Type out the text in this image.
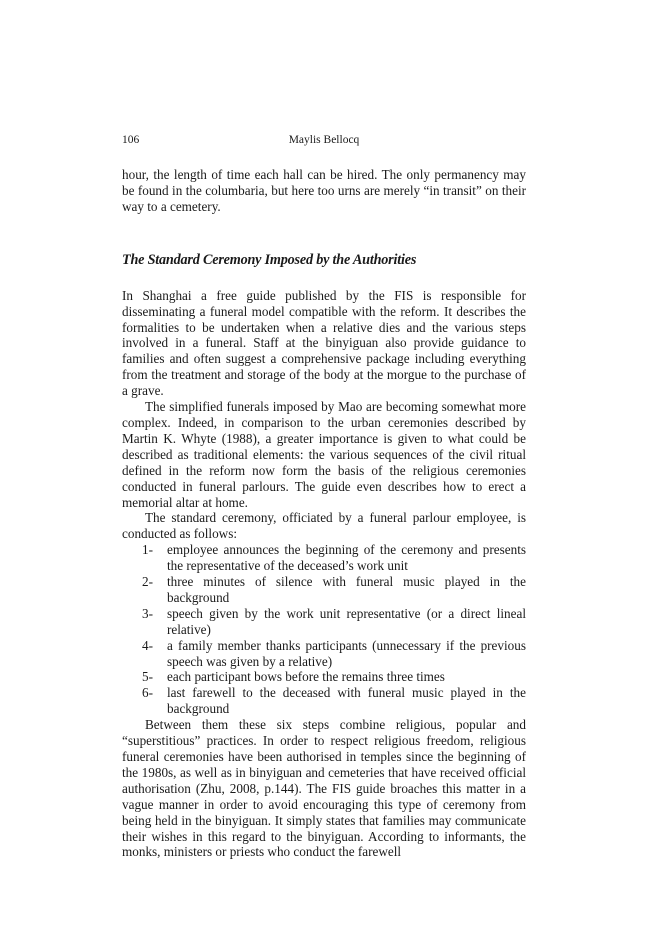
106	Maylis Bellocq

hour, the length of time each hall can be hired. The only permanency may be found in the columbaria, but here too urns are merely “in transit” on their way to a cemetery.

The Standard Ceremony Imposed by the Authorities

In Shanghai a free guide published by the FIS is responsible for disseminating a funeral model compatible with the reform. It describes the formalities to be undertaken when a relative dies and the various steps involved in a funeral. Staff at the binyiguan also provide guidance to families and often suggest a comprehensive package including everything from the treatment and storage of the body at the morgue to the purchase of a grave.

The simplified funerals imposed by Mao are becoming somewhat more complex. Indeed, in comparison to the urban ceremonies described by Martin K. Whyte (1988), a greater importance is given to what could be described as traditional elements: the various sequences of the civil ritual defined in the reform now form the basis of the religious ceremonies conducted in funeral parlours. The guide even describes how to erect a memorial altar at home.

The standard ceremony, officiated by a funeral parlour employee, is conducted as follows:

1- employee announces the beginning of the ceremony and presents the representative of the deceased’s work unit
2- three minutes of silence with funeral music played in the background
3- speech given by the work unit representative (or a direct lineal relative)
4- a family member thanks participants (unnecessary if the previous speech was given by a relative)
5- each participant bows before the remains three times
6- last farewell to the deceased with funeral music played in the background

Between them these six steps combine religious, popular and “superstitious” practices. In order to respect religious freedom, religious funeral ceremonies have been authorised in temples since the beginning of the 1980s, as well as in binyiguan and cemeteries that have received official authorisation (Zhu, 2008, p.144). The FIS guide broaches this matter in a vague manner in order to avoid encouraging this type of ceremony from being held in the binyiguan. It simply states that families may communicate their wishes in this regard to the binyiguan. According to informants, the monks, ministers or priests who conduct the farewell
